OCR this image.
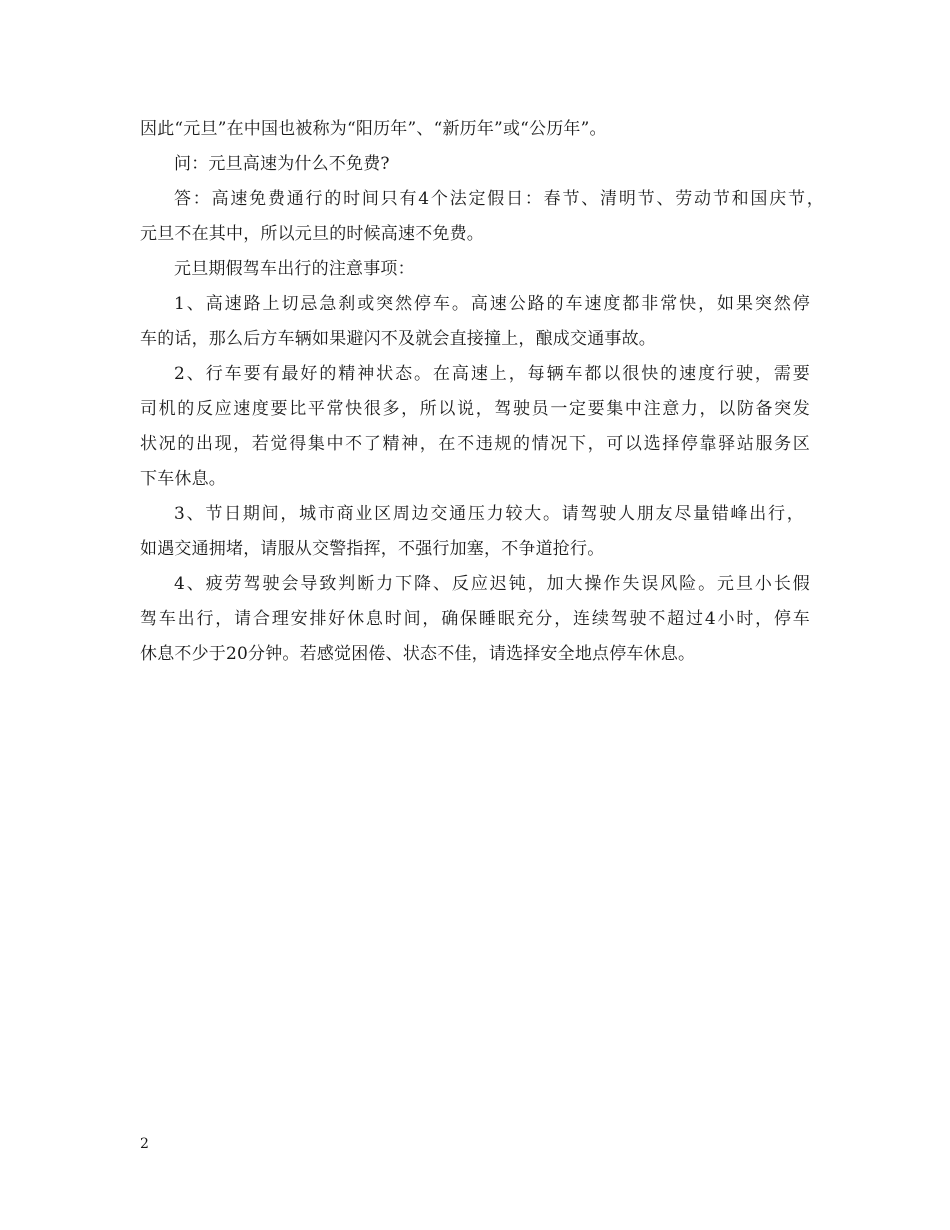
因此“元旦”在中国也被称为“阳历年”、“新历年”或“公历年”。
问：元旦高速为什么不免费?
答：高速免费通行的时间只有4个法定假日：春节、清明节、劳动节和国庆节，
元旦不在其中，所以元旦的时候高速不免费。
元旦期假驾车出行的注意事项：
1、高速路上切忌急刹或突然停车。高速公路的车速度都非常快，如果突然停
车的话，那么后方车辆如果避闪不及就会直接撞上，酿成交通事故。
2、行车要有最好的精神状态。在高速上，每辆车都以很快的速度行驶，需要
司机的反应速度要比平常快很多，所以说，驾驶员一定要集中注意力，以防备突发
状况的出现，若觉得集中不了精神，在不违规的情况下，可以选择停靠驿站服务区
下车休息。
3、节日期间，城市商业区周边交通压力较大。请驾驶人朋友尽量错峰出行，
如遇交通拥堵，请服从交警指挥，不强行加塞，不争道抢行。
4、疲劳驾驶会导致判断力下降、反应迟钝，加大操作失误风险。元旦小长假
驾车出行，请合理安排好休息时间，确保睡眠充分，连续驾驶不超过4小时，停车
休息不少于20分钟。若感觉困倦、状态不佳，请选择安全地点停车休息。
2
